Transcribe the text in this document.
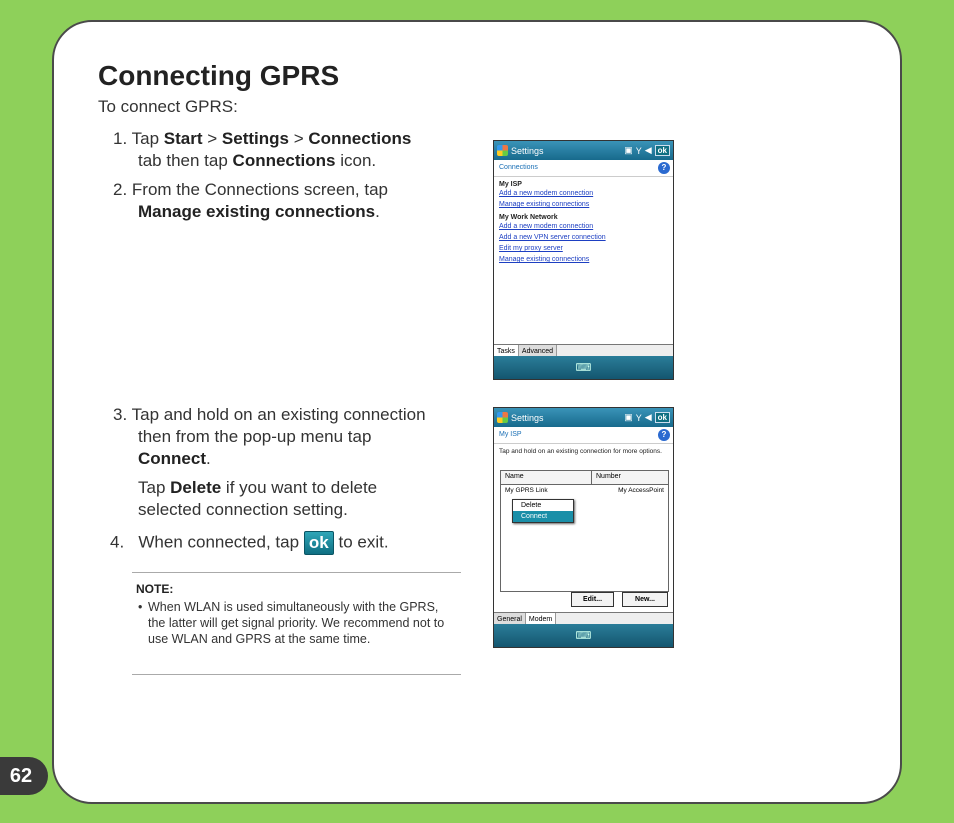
62
Connecting GPRS
To connect GPRS:
1. Tap Start > Settings > Connections
tab then tap Connections icon.
2. From the Connections screen, tap
Manage existing connections.
3. Tap and hold on an existing connection
then from the pop-up menu tap
Connect.
Tap Delete if you want to delete
selected connection setting.
4. When connected, tap ok to exit.
NOTE:
• When WLAN is used simultaneously with the GPRS, the latter will get signal priority. We recommend not to use WLAN and GPRS at the same time.
Settings	▣ Y ◀ ok
Connections	?
My ISP
Add a new modem connection
Manage existing connections
My Work Network
Add a new modem connection
Add a new VPN server connection
Edit my proxy server
Manage existing connections
Tasks	Advanced
⌨
Settings	▣ Y ◀ ok
My ISP	?
Tap and hold on an existing connection for more options.
Name	Number
My GPRS Link	My AccessPoint
Delete
Connect
Edit...	New...
General	Modem
⌨
